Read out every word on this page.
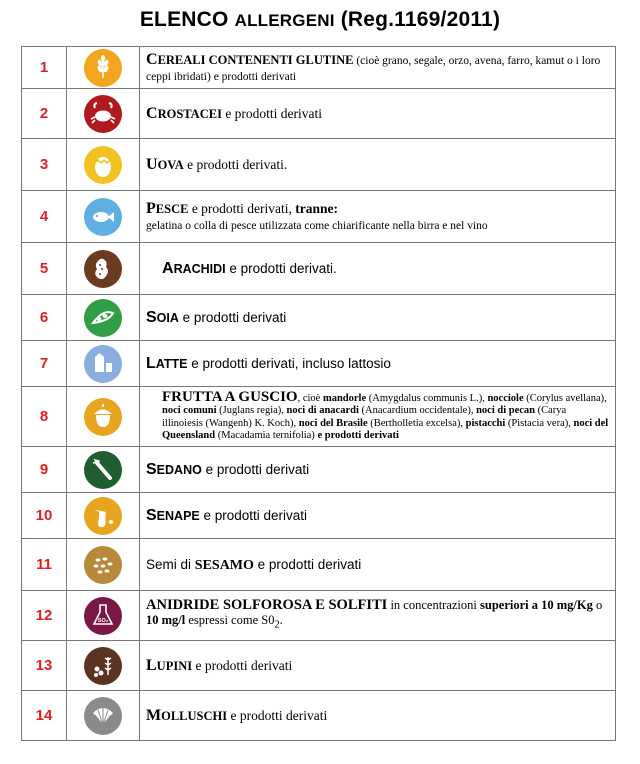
ELENCO ALLERGENI (Reg.1169/2011)
1		CEREALI CONTENENTI GLUTINE (cioè grano, segale, orzo, avena, farro, kamut o i loro ceppi ibridati) e prodotti derivati
2		CROSTACEI e prodotti derivati
3		UOVA e prodotti derivati.
4		PESCE e prodotti derivati, tranne:
gelatina o colla di pesce utilizzata come chiarificante nella birra e nel vino
5		ARACHIDI e prodotti derivati.
6		SOIA e prodotti derivati
7		LATTE e prodotti derivati, incluso lattosio
8		FRUTTA A GUSCIO, cioè mandorle (Amygdalus communis L.), nocciole (Corylus avellana), noci comuni (Juglans regia), noci di anacardi (Anacardium occidentale), noci di pecan (Carya illinoiesis (Wangenh) K. Koch), noci del Brasile (Bertholletia excelsa), pistacchi (Pistacia vera), noci del Queensland (Macadamia ternifolia) e prodotti derivati
9		SEDANO e prodotti derivati
10		SENAPE e prodotti derivati
11		Semi di SESAMO e prodotti derivati
12	SO₂	ANIDRIDE SOLFOROSA E SOLFITI in concentrazioni superiori a 10 mg/Kg o 10 mg/l espressi come $S0_2$.
13		LUPINI e prodotti derivati
14		MOLLUSCHI e prodotti derivati
